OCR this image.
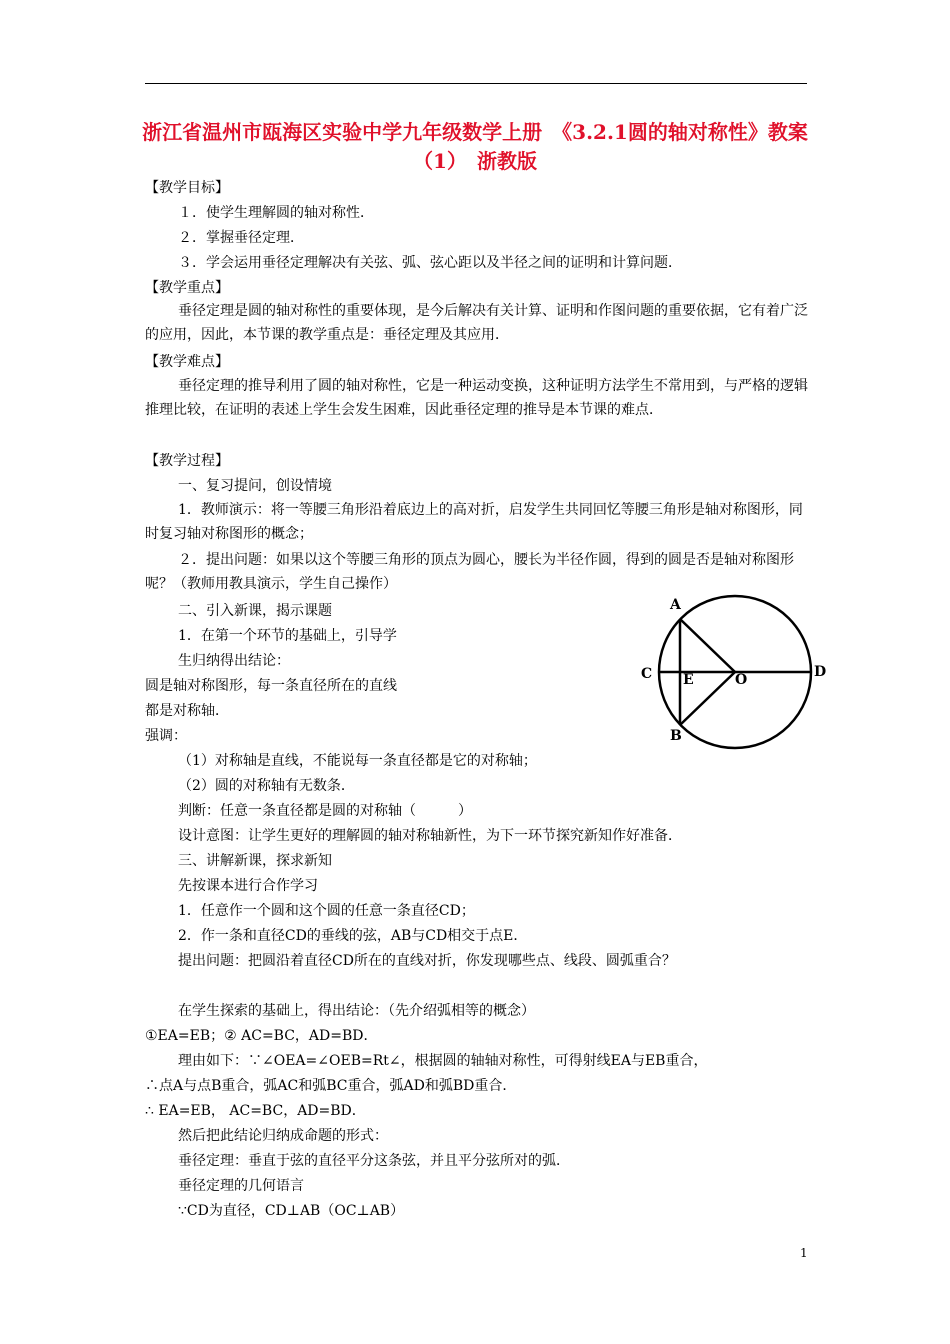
浙江省温州市瓯海区实验中学九年级数学上册　《3.2.1圆的轴对称性》教案（1）　浙教版
【教学目标】
１．使学生理解圆的轴对称性．
２．掌握垂径定理．
３．学会运用垂径定理解决有关弦、弧、弦心距以及半径之间的证明和计算问题．
【教学重点】
垂径定理是圆的轴对称性的重要体现，是今后解决有关计算、证明和作图问题的重要依据，它有着广泛的应用，因此，本节课的教学重点是：垂径定理及其应用．
【教学难点】
垂径定理的推导利用了圆的轴对称性，它是一种运动变换，这种证明方法学生不常用到，与严格的逻辑推理比较，在证明的表述上学生会发生困难，因此垂径定理的推导是本节课的难点．
【教学过程】
一、复习提问，创设情境
1．教师演示：将一等腰三角形沿着底边上的高对折，启发学生共同回忆等腰三角形是轴对称图形，同时复习轴对称图形的概念；
２．提出问题：如果以这个等腰三角形的顶点为圆心，腰长为半径作圆，得到的圆是否是轴对称图形呢？（教师用教具演示，学生自己操作）
二、引入新课，揭示课题
1．在第一个环节的基础上，引导学
生归纳得出结论：
圆是轴对称图形，每一条直径所在的直线
都是对称轴．
强调：
（1）对称轴是直线，不能说每一条直径都是它的对称轴；
（2）圆的对称轴有无数条．
判断：任意一条直径都是圆的对称轴（　　　）
设计意图：让学生更好的理解圆的轴对称轴新性，为下一环节探究新知作好准备．
三、讲解新课，探求新知
先按课本进行合作学习
1．任意作一个圆和这个圆的任意一条直径CD；
2．作一条和直径CD的垂线的弦，AB与CD相交于点E．
提出问题：把圆沿着直径CD所在的直线对折，你发现哪些点、线段、圆弧重合？
在学生探索的基础上，得出结论：（先介绍弧相等的概念）
①EA=EB；② AC=BC，AD=BD．
理由如下：∵∠OEA=∠OEB=Rt∠，根据圆的轴轴对称性，可得射线EA与EB重合，
∴点A与点B重合，弧AC和弧BC重合，弧AD和弧BD重合．
∴ EA=EB， AC=BC，AD=BD．
然后把此结论归纳成命题的形式：
垂径定理：垂直于弦的直径平分这条弦，并且平分弦所对的弧．
垂径定理的几何语言
∵CD为直径，CD⊥AB（OC⊥AB）
A
B
C	D
E	O
1
